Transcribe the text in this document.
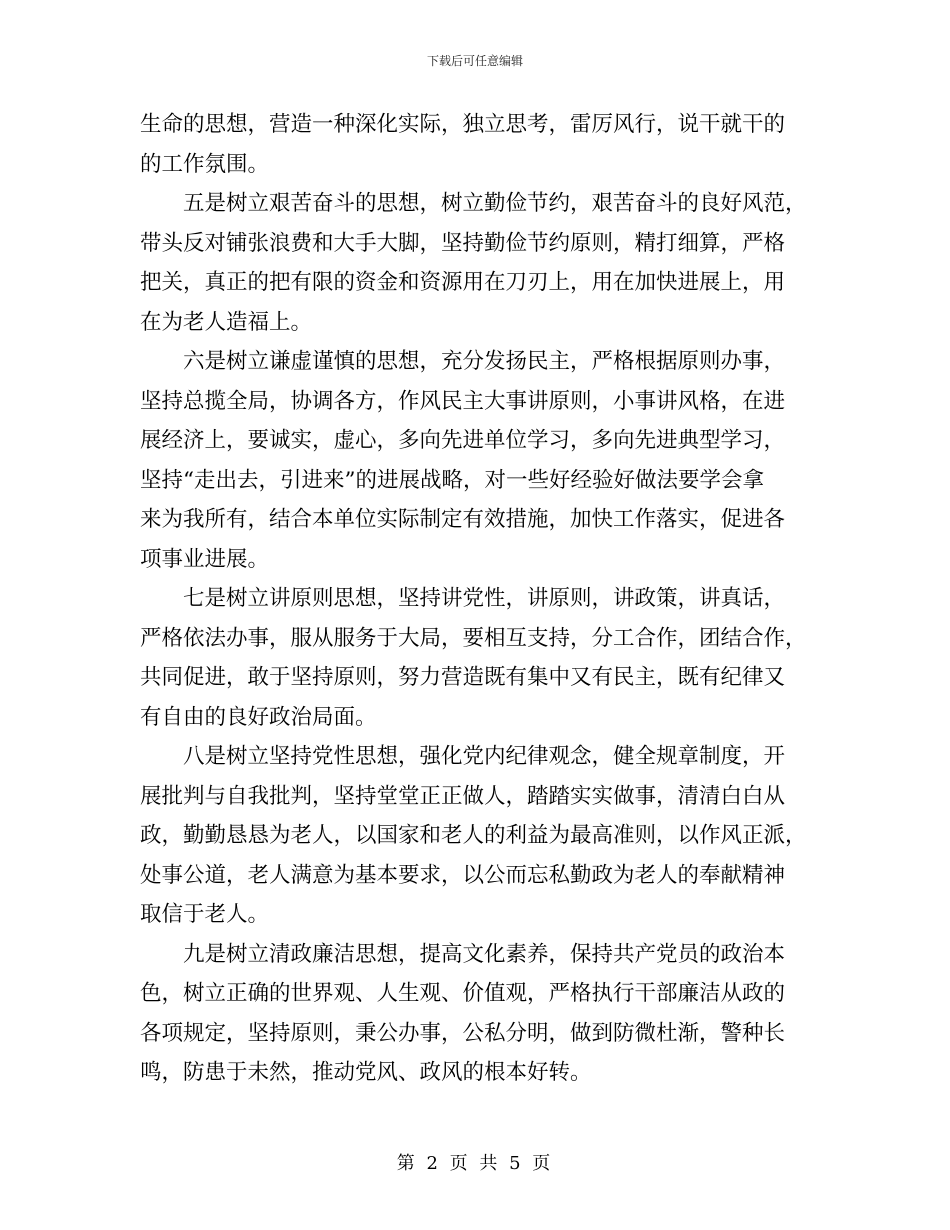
下载后可任意编辑

生命的思想，营造一种深化实际，独立思考，雷厉风行，说干就干的
的工作氛围。

五是树立艰苦奋斗的思想，树立勤俭节约，艰苦奋斗的良好风范，
带头反对铺张浪费和大手大脚，坚持勤俭节约原则，精打细算，严格
把关，真正的把有限的资金和资源用在刀刃上，用在加快进展上，用
在为老人造福上。

六是树立谦虚谨慎的思想，充分发扬民主，严格根据原则办事，
坚持总揽全局，协调各方，作风民主大事讲原则，小事讲风格，在进
展经济上，要诚实，虚心，多向先进单位学习，多向先进典型学习，
坚持“走出去，引进来”的进展战略，对一些好经验好做法要学会拿
来为我所有，结合本单位实际制定有效措施，加快工作落实，促进各
项事业进展。

七是树立讲原则思想，坚持讲党性，讲原则，讲政策，讲真话，
严格依法办事，服从服务于大局，要相互支持，分工合作，团结合作，
共同促进，敢于坚持原则，努力营造既有集中又有民主，既有纪律又
有自由的良好政治局面。

八是树立坚持党性思想，强化党内纪律观念，健全规章制度，开
展批判与自我批判，坚持堂堂正正做人，踏踏实实做事，清清白白从
政，勤勤恳恳为老人，以国家和老人的利益为最高准则，以作风正派，
处事公道，老人满意为基本要求，以公而忘私勤政为老人的奉献精神
取信于老人。

九是树立清政廉洁思想，提高文化素养，保持共产党员的政治本
色，树立正确的世界观、人生观、价值观，严格执行干部廉洁从政的
各项规定，坚持原则，秉公办事，公私分明，做到防微杜渐，警种长
鸣，防患于未然，推动党风、政风的根本好转。

第 2 页 共 5 页
